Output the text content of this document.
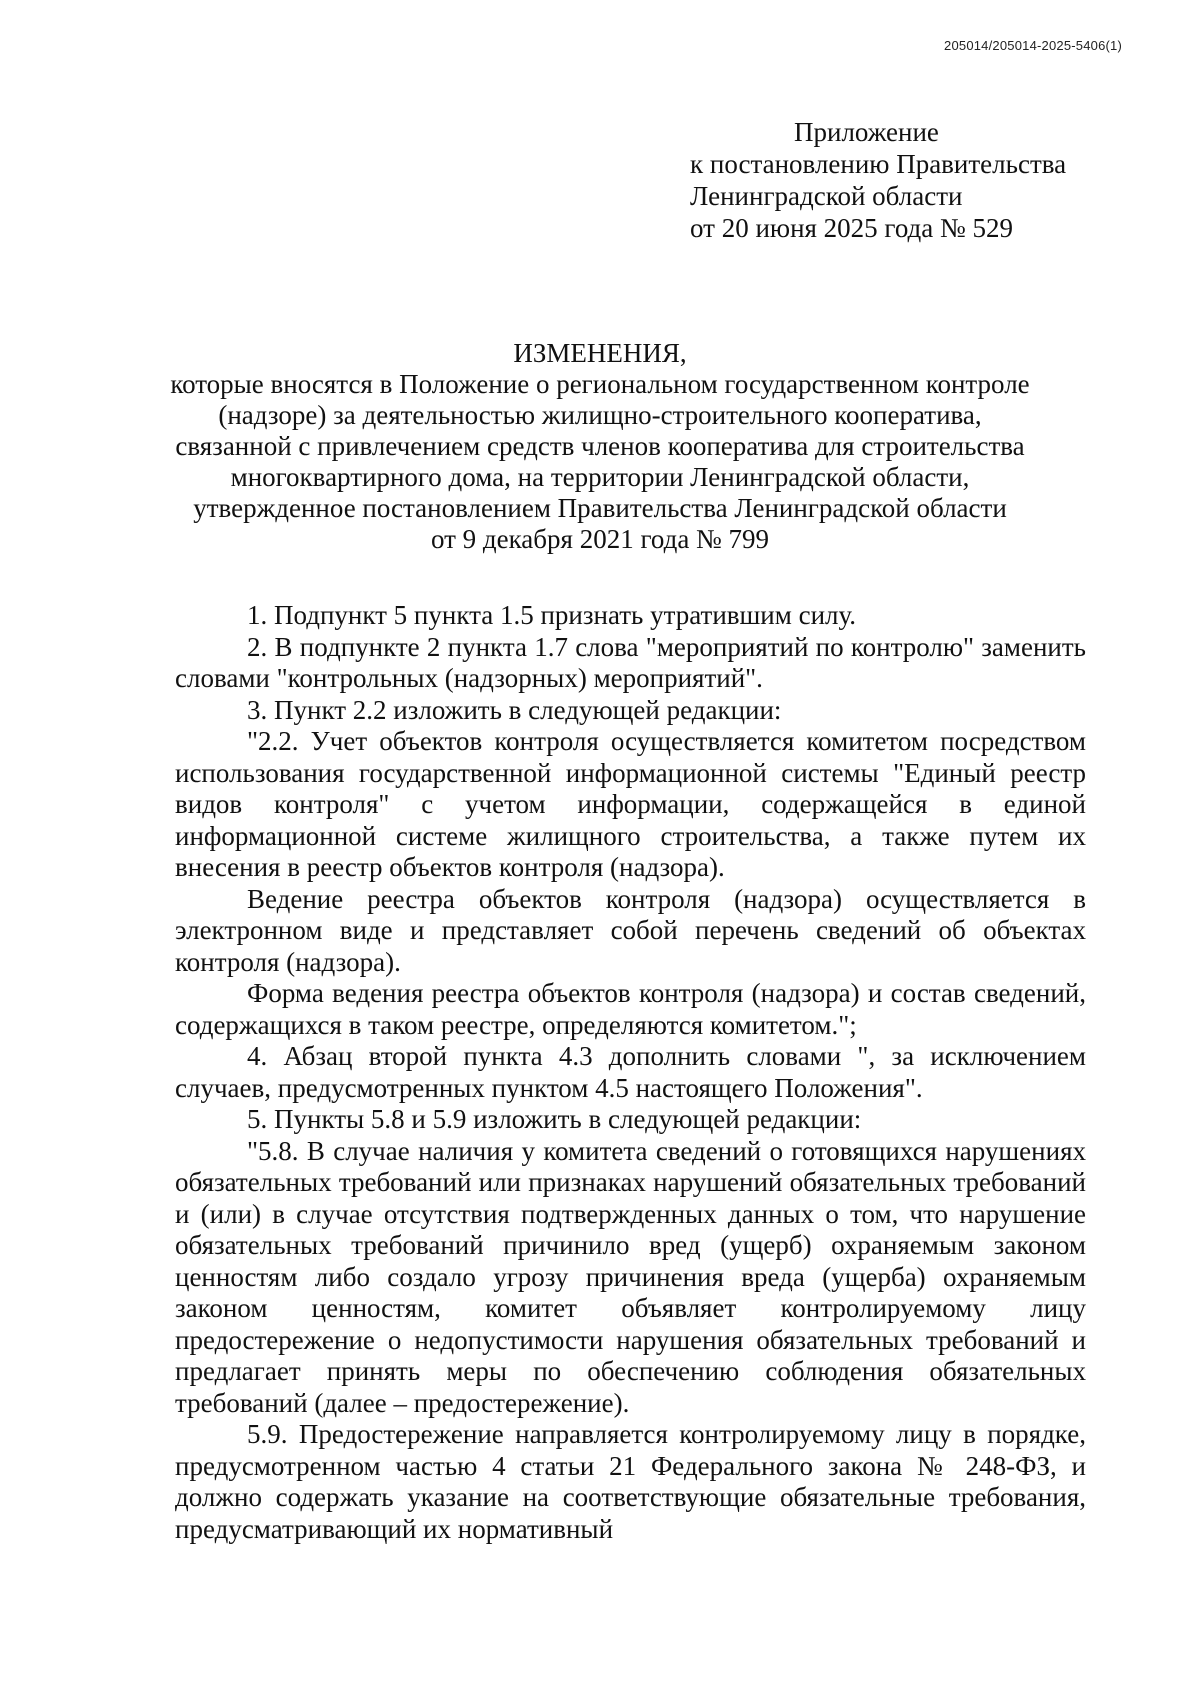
205014/205014-2025-5406(1)
Приложение
к постановлению Правительства
Ленинградской области
от 20 июня 2025 года № 529
ИЗМЕНЕНИЯ,
которые вносятся в Положение о региональном государственном контроле
(надзоре) за деятельностью жилищно-строительного кооператива,
связанной с привлечением средств членов кооператива для строительства
многоквартирного дома, на территории Ленинградской области,
утвержденное постановлением Правительства Ленинградской области
от 9 декабря 2021 года № 799

1. Подпункт 5 пункта 1.5 признать утратившим силу.

2. В подпункте 2 пункта 1.7 слова "мероприятий по контролю" заменить словами "контрольных (надзорных) мероприятий".

3. Пункт 2.2 изложить в следующей редакции:

"2.2. Учет объектов контроля осуществляется комитетом посредством использования государственной информационной системы "Единый реестр видов контроля" с учетом информации, содержащейся в единой информационной системе жилищного строительства, а также путем их внесения в реестр объектов контроля (надзора).

Ведение реестра объектов контроля (надзора) осуществляется в электронном виде и представляет собой перечень сведений об объектах контроля (надзора).

Форма ведения реестра объектов контроля (надзора) и состав сведений, содержащихся в таком реестре, определяются комитетом.";

4. Абзац второй пункта 4.3 дополнить словами ", за исключением случаев, предусмотренных пунктом 4.5 настоящего Положения".

5. Пункты 5.8 и 5.9 изложить в следующей редакции:

"5.8. В случае наличия у комитета сведений о готовящихся нарушениях обязательных требований или признаках нарушений обязательных требований и (или) в случае отсутствия подтвержденных данных о том, что нарушение обязательных требований причинило вред (ущерб) охраняемым законом ценностям либо создало угрозу причинения вреда (ущерба) охраняемым законом ценностям, комитет объявляет контролируемому лицу предостережение о недопустимости нарушения обязательных требований и предлагает принять меры по обеспечению соблюдения обязательных требований (далее – предостережение).

5.9. Предостережение направляется контролируемому лицу в порядке, предусмотренном частью 4 статьи 21 Федерального закона № 248-ФЗ, и должно содержать указание на соответствующие обязательные требования, предусматривающий их нормативный
